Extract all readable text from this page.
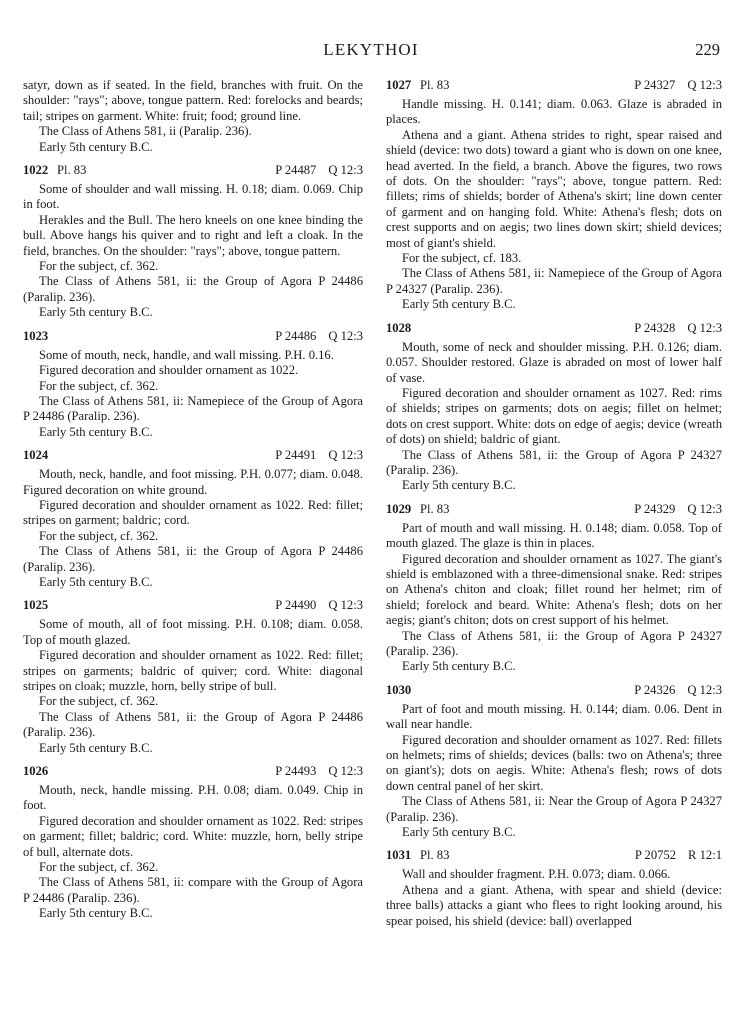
LEKYTHOI	229

satyr, down as if seated. In the field, branches with fruit. On the shoulder: "rays"; above, tongue pattern. Red: forelocks and beards; tail; stripes on garment. White: fruit; food; ground line.

The Class of Athens 581, ii (Paralip. 236).

Early 5th century B.C.

1022 Pl. 83	P 24487 Q 12:3

Some of shoulder and wall missing. H. 0.18; diam. 0.069. Chip in foot.

Herakles and the Bull. The hero kneels on one knee binding the bull. Above hangs his quiver and to right and left a cloak. In the field, branches. On the shoulder: "rays"; above, tongue pattern.

For the subject, cf. 362.

The Class of Athens 581, ii: the Group of Agora P 24486 (Paralip. 236).

Early 5th century B.C.

1023	P 24486 Q 12:3

Some of mouth, neck, handle, and wall missing. P.H. 0.16.

Figured decoration and shoulder ornament as 1022.

For the subject, cf. 362.

The Class of Athens 581, ii: Namepiece of the Group of Agora P 24486 (Paralip. 236).

Early 5th century B.C.

1024	P 24491 Q 12:3

Mouth, neck, handle, and foot missing. P.H. 0.077; diam. 0.048. Figured decoration on white ground.

Figured decoration and shoulder ornament as 1022. Red: fillet; stripes on garment; baldric; cord.

For the subject, cf. 362.

The Class of Athens 581, ii: the Group of Agora P 24486 (Paralip. 236).

Early 5th century B.C.

1025	P 24490 Q 12:3

Some of mouth, all of foot missing. P.H. 0.108; diam. 0.058. Top of mouth glazed.

Figured decoration and shoulder ornament as 1022. Red: fillet; stripes on garments; baldric of quiver; cord. White: diagonal stripes on cloak; muzzle, horn, belly stripe of bull.

For the subject, cf. 362.

The Class of Athens 581, ii: the Group of Agora P 24486 (Paralip. 236).

Early 5th century B.C.

1026	P 24493 Q 12:3

Mouth, neck, handle missing. P.H. 0.08; diam. 0.049. Chip in foot.

Figured decoration and shoulder ornament as 1022. Red: stripes on garment; fillet; baldric; cord. White: muzzle, horn, belly stripe of bull, alternate dots.

For the subject, cf. 362.

The Class of Athens 581, ii: compare with the Group of Agora P 24486 (Paralip. 236).

Early 5th century B.C.

1027 Pl. 83	P 24327 Q 12:3

Handle missing. H. 0.141; diam. 0.063. Glaze is abraded in places.

Athena and a giant. Athena strides to right, spear raised and shield (device: two dots) toward a giant who is down on one knee, head averted. In the field, a branch. Above the figures, two rows of dots. On the shoulder: "rays"; above, tongue pattern. Red: fillets; rims of shields; border of Athena's skirt; line down center of garment and on hanging fold. White: Athena's flesh; dots on crest supports and on aegis; two lines down skirt; shield devices; most of giant's shield.

For the subject, cf. 183.

The Class of Athens 581, ii: Namepiece of the Group of Agora P 24327 (Paralip. 236).

Early 5th century B.C.

1028	P 24328 Q 12:3

Mouth, some of neck and shoulder missing. P.H. 0.126; diam. 0.057. Shoulder restored. Glaze is abraded on most of lower half of vase.

Figured decoration and shoulder ornament as 1027. Red: rims of shields; stripes on garments; dots on aegis; fillet on helmet; dots on crest support. White: dots on edge of aegis; device (wreath of dots) on shield; baldric of giant.

The Class of Athens 581, ii: the Group of Agora P 24327 (Paralip. 236).

Early 5th century B.C.

1029 Pl. 83	P 24329 Q 12:3

Part of mouth and wall missing. H. 0.148; diam. 0.058. Top of mouth glazed. The glaze is thin in places.

Figured decoration and shoulder ornament as 1027. The giant's shield is emblazoned with a three-dimensional snake. Red: stripes on Athena's chiton and cloak; fillet round her helmet; rim of shield; forelock and beard. White: Athena's flesh; dots on her aegis; giant's chiton; dots on crest support of his helmet.

The Class of Athens 581, ii: the Group of Agora P 24327 (Paralip. 236).

Early 5th century B.C.

1030	P 24326 Q 12:3

Part of foot and mouth missing. H. 0.144; diam. 0.06. Dent in wall near handle.

Figured decoration and shoulder ornament as 1027. Red: fillets on helmets; rims of shields; devices (balls: two on Athena's; three on giant's); dots on aegis. White: Athena's flesh; rows of dots down central panel of her skirt.

The Class of Athens 581, ii: Near the Group of Agora P 24327 (Paralip. 236).

Early 5th century B.C.

1031 Pl. 83	P 20752 R 12:1

Wall and shoulder fragment. P.H. 0.073; diam. 0.066.

Athena and a giant. Athena, with spear and shield (device: three balls) attacks a giant who flees to right looking around, his spear poised, his shield (device: ball) overlapped
